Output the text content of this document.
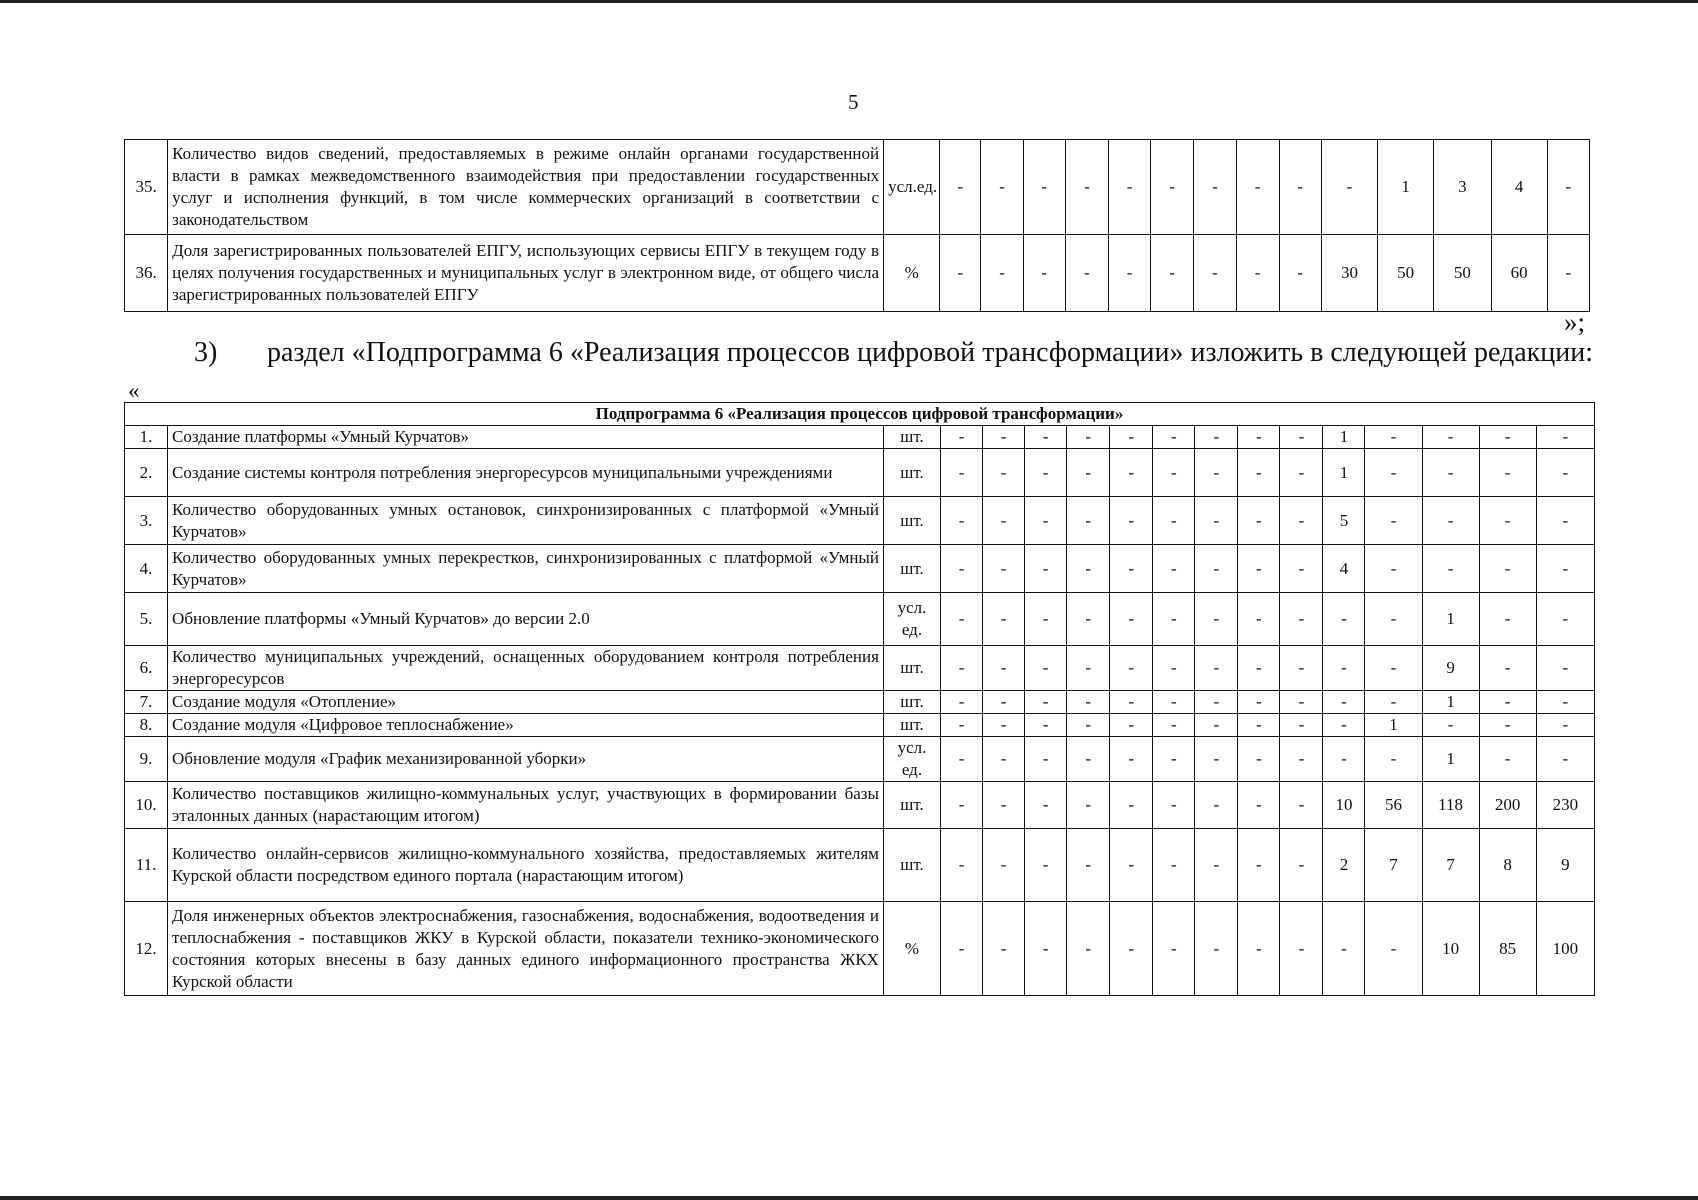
5
35.	Количество видов сведений, предоставляемых в режиме онлайн органами государственной власти в рамках межведомственного взаимодействия при предоставлении государственных услуг и исполнения функций, в том числе коммерческих организаций в соответствии с законодательством	усл.ед.	-	-	-	-	-	-	-	-	-	-	1	3	4	-
36.	Доля зарегистрированных пользователей ЕПГУ, использующих сервисы ЕПГУ в текущем году в целях получения государственных и муниципальных услуг в электронном виде, от общего числа зарегистрированных пользователей ЕПГУ	%	-	-	-	-	-	-	-	-	-	30	50	50	60	-
»;
3) раздел «Подпрограмма 6 «Реализация процессов цифровой трансформации» изложить в следующей редакции:
«
Подпрограмма 6 «Реализация процессов цифровой трансформации»																
1.	Создание платформы «Умный Курчатов»	шт.	-	-	-	-	-	-	-	-	-	1	-	-	-	-
2.	Создание системы контроля потребления энергоресурсов муниципальными учреждениями	шт.	-	-	-	-	-	-	-	-	-	1	-	-	-	-
3.	Количество оборудованных умных остановок, синхронизированных с платформой «Умный Курчатов»	шт.	-	-	-	-	-	-	-	-	-	5	-	-	-	-
4.	Количество оборудованных умных перекрестков, синхронизированных с платформой «Умный Курчатов»	шт.	-	-	-	-	-	-	-	-	-	4	-	-	-	-
5.	Обновление платформы «Умный Курчатов» до версии 2.0	усл. ед.	-	-	-	-	-	-	-	-	-	-	-	1	-	-
6.	Количество муниципальных учреждений, оснащенных оборудованием контроля потребления энергоресурсов	шт.	-	-	-	-	-	-	-	-	-	-	-	9	-	-
7.	Создание модуля «Отопление»	шт.	-	-	-	-	-	-	-	-	-	-	-	1	-	-
8.	Создание модуля «Цифровое теплоснабжение»	шт.	-	-	-	-	-	-	-	-	-	-	1	-	-	-
9.	Обновление модуля «График механизированной уборки»	усл. ед.	-	-	-	-	-	-	-	-	-	-	-	1	-	-
10.	Количество поставщиков жилищно-коммунальных услуг, участвующих в формировании базы эталонных данных (нарастающим итогом)	шт.	-	-	-	-	-	-	-	-	-	10	56	118	200	230
11.	Количество онлайн-сервисов жилищно-коммунального хозяйства, предоставляемых жителям Курской области посредством единого портала (нарастающим итогом)	шт.	-	-	-	-	-	-	-	-	-	2	7	7	8	9
12.	Доля инженерных объектов электроснабжения, газоснабжения, водоснабжения, водоотведения и теплоснабжения - поставщиков ЖКУ в Курской области, показатели технико-экономического состояния которых внесены в базу данных единого информационного пространства ЖКХ Курской области	%	-	-	-	-	-	-	-	-	-	-	-	10	85	100
